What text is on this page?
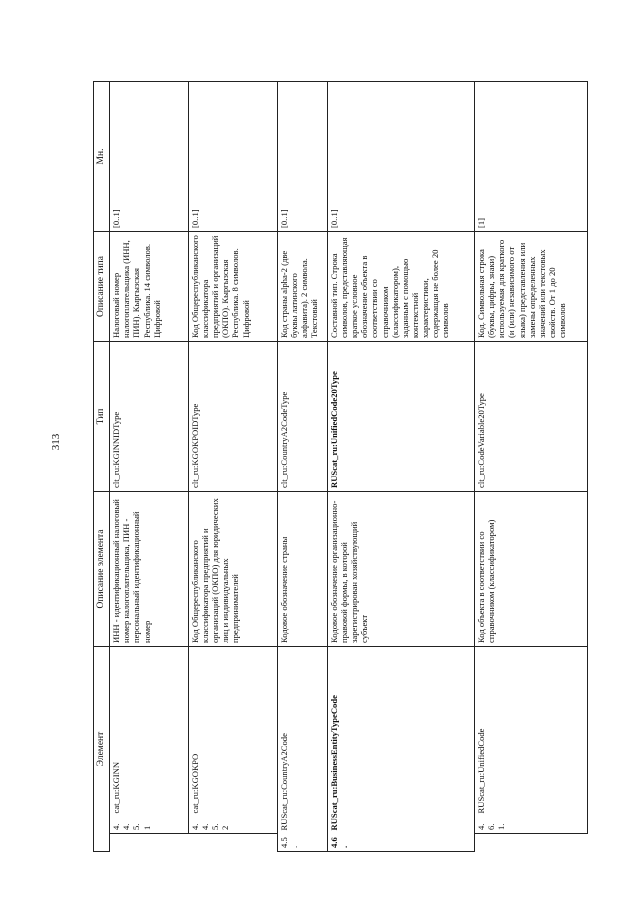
313
Элемент			Описание элемента	Тип	Описание типа	Мн.
	4.4.5.1	cat_ru:KGINN	ИНН - идентификационный налоговый номер налогоплательщика, ПИН - персональный идентификационный номер	clt_ru:KGINNIDType	Налоговый номер налогоплательщика (ИНН, ПИН). Кыргызская Республика. 14 символов. Цифровой	[0..1]
	4.4.5.2	cat_ru:KGOKPO	Код Общереспубликанского классификатора предприятий и организаций (ОКПО) для юридических лиц и индивидуальных предпринимателей	clt_ru:KGOKPOIDType	Код Общереспубликанского классификатора предприятий и организаций (ОКПО). Кыргызская Республика. 8 символов. Цифровой	[0..1]
4.5.	RUScat_ru:CountryA2Code		Кодовое обозначение страны	clt_ru:CountryA2CodeType	Код страны alpha-2 (две буквы латинского алфавита). 2 символа. Текстовый	[0..1]
4.6.	RUScat_ru:BusinessEntityTypeCode		Кодовое обозначение организационно-правовой формы, в которой зарегистрирован хозяйствующий субъект	RUScat_ru:UnifiedCode20Type	Составной тип. Строка символов, представляющая краткое условное обозначение объекта в соответствии со справочником (классификатором), заданным с помощью контекстной характеристики, содержащая не более 20 символов	[0..1]
	4.6.1.	RUScat_ru:UnifiedCode	Код объекта в соответствии со справочником (классификатором)	clt_ru:CodeVariable20Type	Код. Символьная строка (буквы, цифры, знаки) используемая для краткого (и (или) независимого от языка) представления или замены определенных значений или текстовых свойств. От 1 до 20 символов	[1]
